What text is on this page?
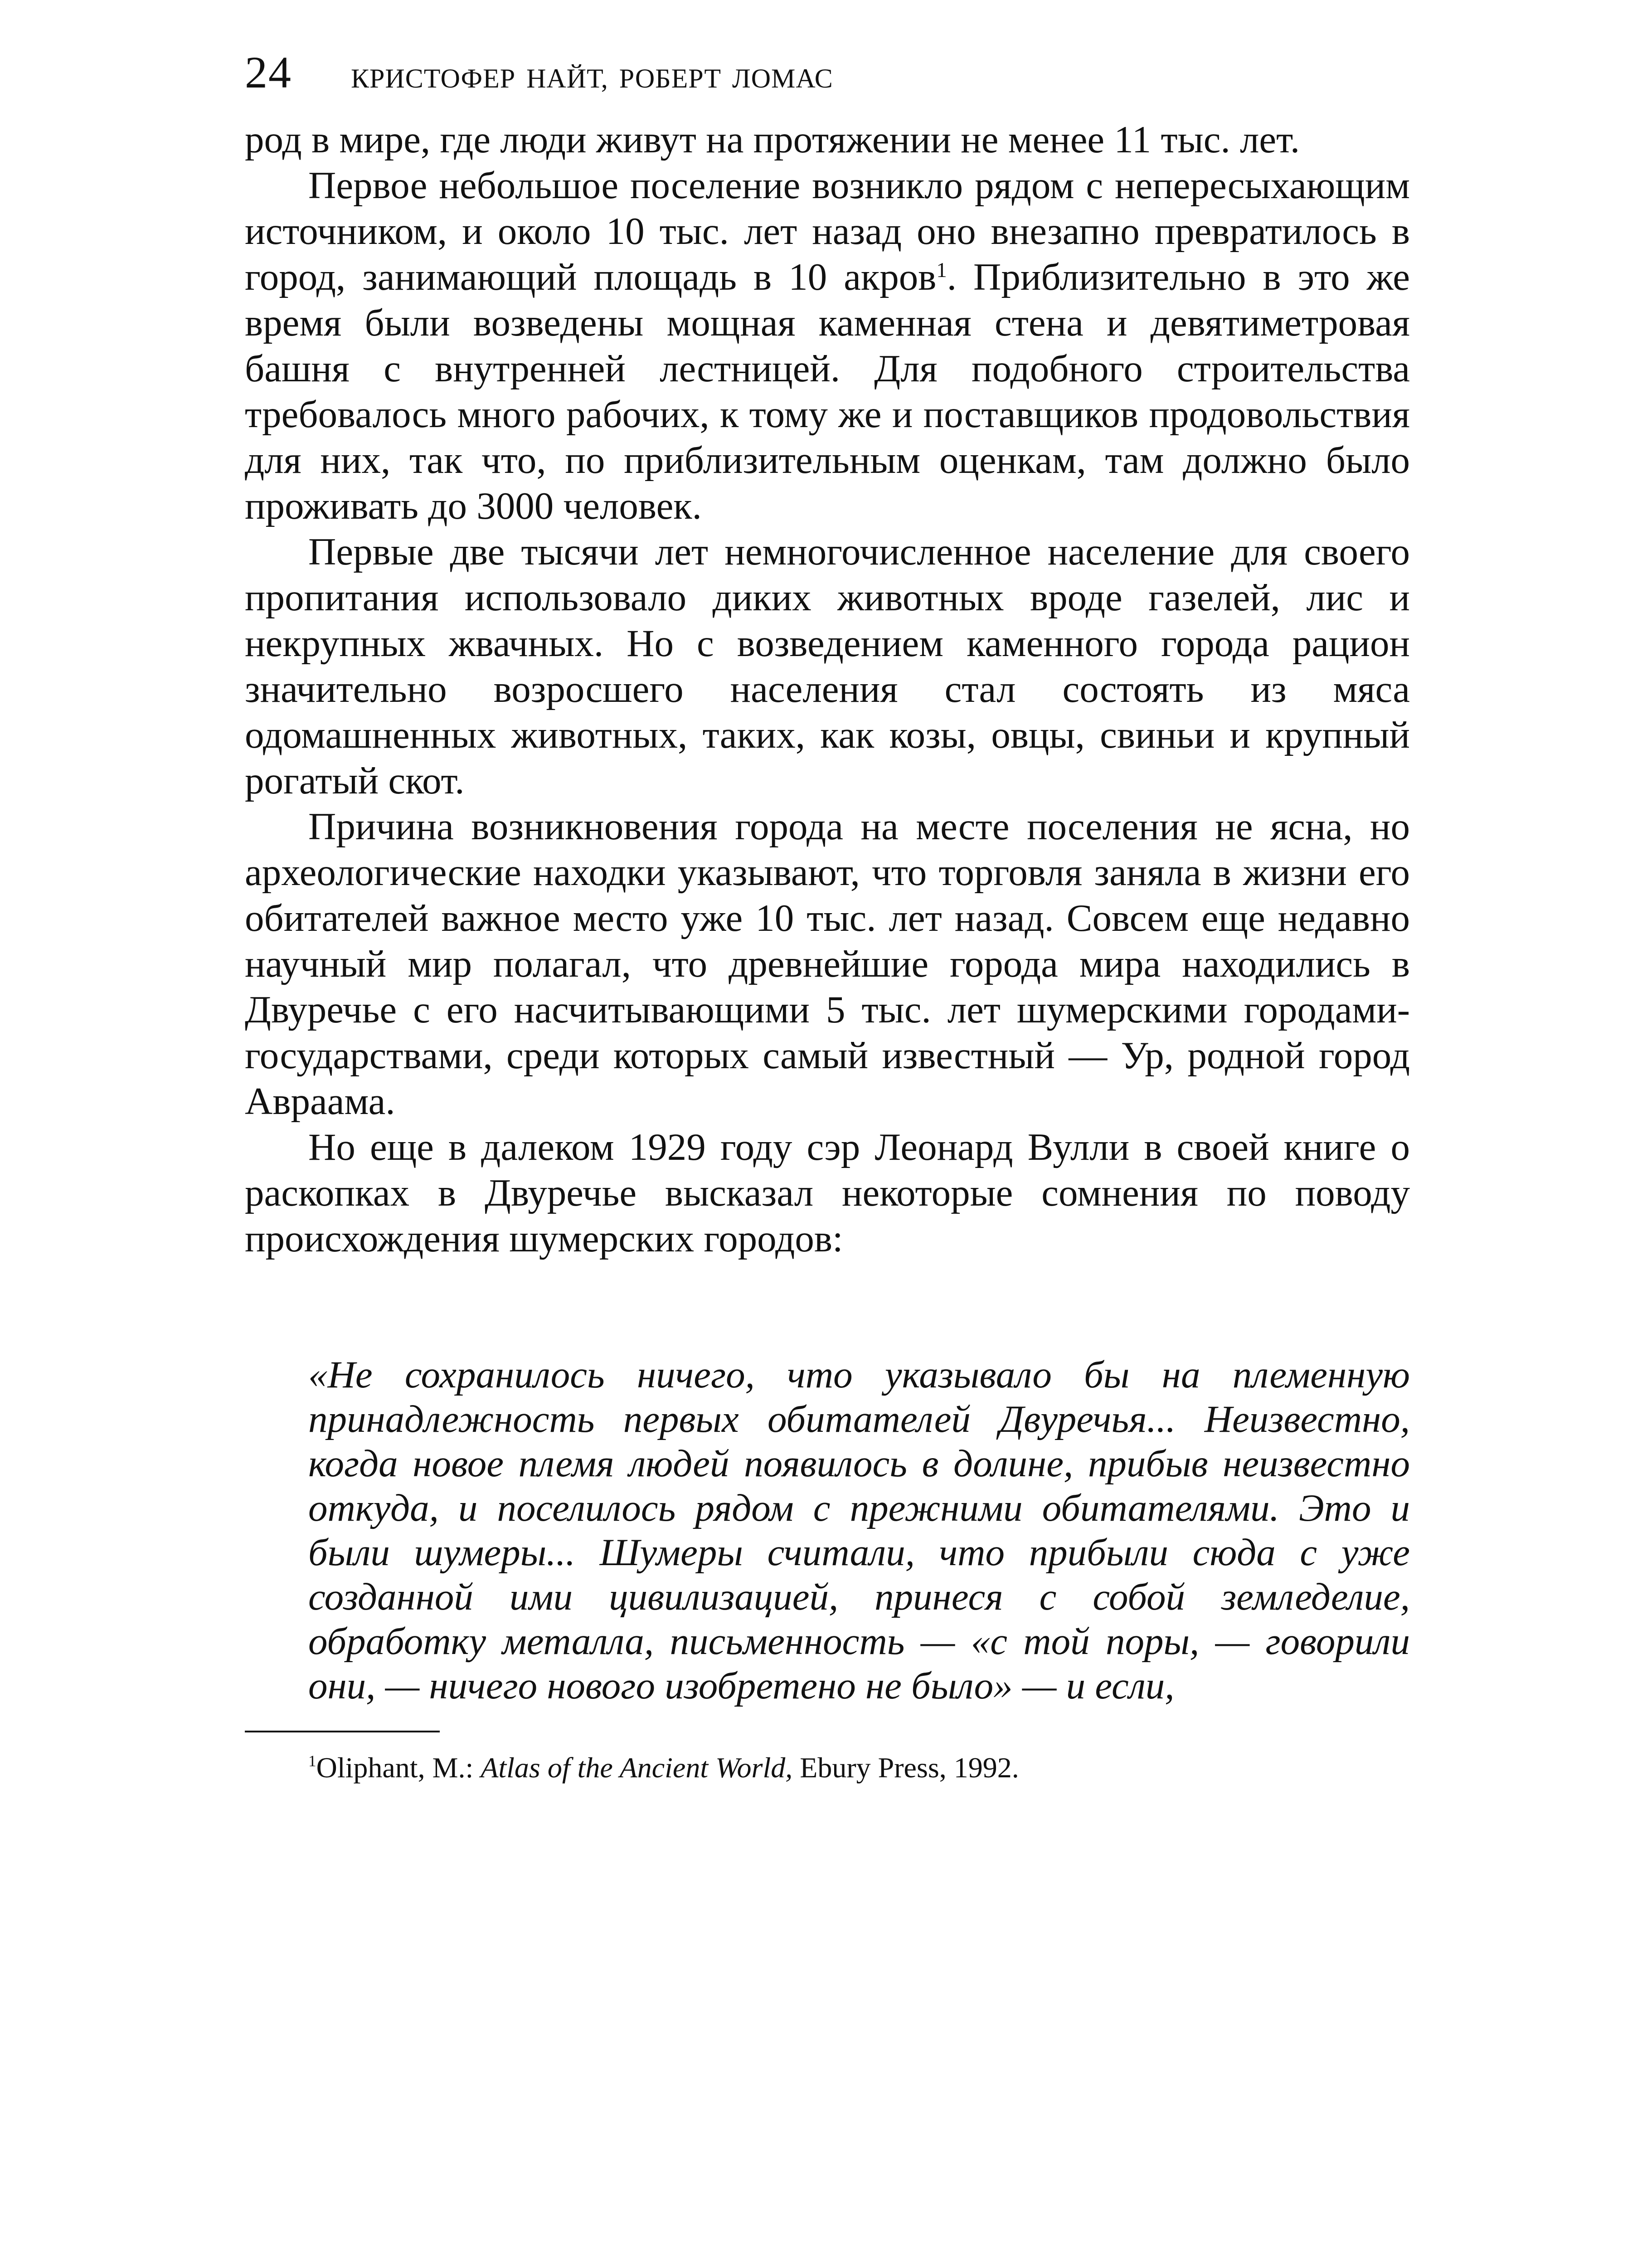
24 КРИСТОФЕР НАЙТ, РОБЕРТ ЛОМАС

род в мире, где люди живут на протяжении не менее 11 тыс. лет.

Первое небольшое поселение возникло рядом с непересыхающим источником, и около 10 тыс. лет назад оно внезапно превратилось в город, занимающий площадь в 10 акров$^1$. Приблизительно в это же время были возведены мощная каменная стена и девятиметровая башня с внутренней лестницей. Для подобного строительства требовалось много рабочих, к тому же и поставщиков продовольствия для них, так что, по приблизительным оценкам, там должно было проживать до 3000 человек.

Первые две тысячи лет немногочисленное население для своего пропитания использовало диких животных вроде газелей, лис и некрупных жвачных. Но с возведением каменного города рацион значительно возросшего населения стал состоять из мяса одомашненных животных, таких, как козы, овцы, свиньи и крупный рогатый скот.

Причина возникновения города на месте поселения не ясна, но археологические находки указывают, что торговля заняла в жизни его обитателей важное место уже 10 тыс. лет назад. Совсем еще недавно научный мир полагал, что древнейшие города мира находились в Двуречье с его насчитывающими 5 тыс. лет шумерскими городами-государствами, среди которых самый известный — Ур, родной город Авраама.

Но еще в далеком 1929 году сэр Леонард Вулли в своей книге о раскопках в Двуречье высказал некоторые сомнения по поводу происхождения шумерских городов:

«Не сохранилось ничего, что указывало бы на племенную принадлежность первых обитателей Двуречья... Неизвестно, когда новое племя людей появилось в долине, прибыв неизвестно откуда, и поселилось рядом с прежними обитателями. Это и были шумеры... Шумеры считали, что прибыли сюда с уже созданной ими цивилизацией, принеся с собой земледелие, обработку металла, письменность — «с той поры, — говорили они, — ничего нового изобретено не было» — и если,

$^1$Oliphant, M.: Atlas of the Ancient World, Ebury Press, 1992.
